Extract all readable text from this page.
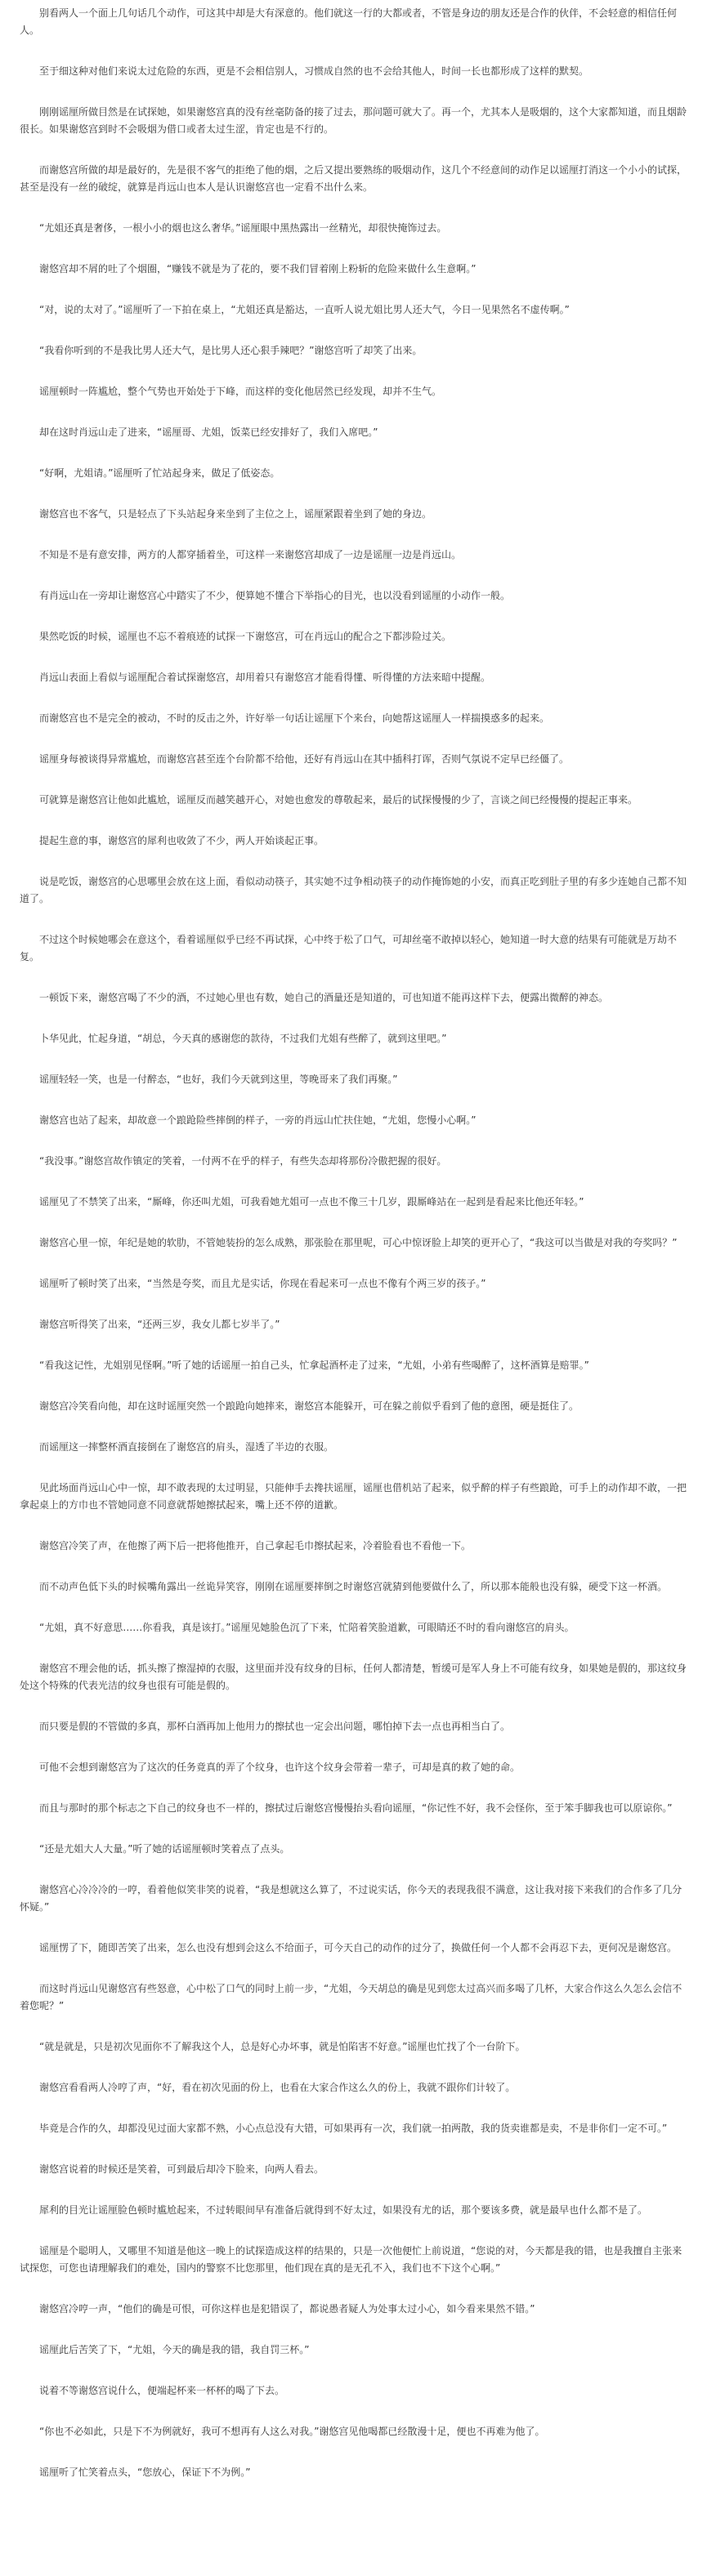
别看两人一个面上几句话几个动作，可这其中却是大有深意的。他们就这一行的大都或者，不管是身边的朋友还是合作的伙伴，不会轻意的相信任何人。

至于细这种对他们来说太过危险的东西，更是不会相信别人，习惯成自然的也不会给其他人，时间一长也都形成了这样的默契。

刚刚谣厘所做目然是在试探她，如果谢悠宫真的没有丝毫防备的接了过去，那问题可就大了。再一个，尤其本人是吸烟的，这个大家都知道，而且烟龄很长。如果谢悠宫到时不会吸烟为借口或者太过生涩，肯定也是不行的。

而谢悠宫所做的却是最好的，先是很不客气的拒绝了他的烟，之后又提出要熟练的吸烟动作，这几个不经意间的动作足以谣厘打消这一个小小的试探，甚至是没有一丝的破绽，就算是肖远山也本人是认识谢悠宫也一定看不出什么来。

“尤姐还真是奢侈，一根小小的烟也这么奢华。”谣厘眼中黑热露出一丝精光，却很快掩饰过去。

谢悠宫却不屑的吐了个烟圈，“赚钱不就是为了花的，要不我们冒着刚上粉斩的危险来做什么生意啊。”

“对，说的太对了。”谣厘听了一下拍在桌上，“尤姐还真是豁达，一直听人说尤姐比男人还大气，今日一见果然名不虚传啊。”

“我看你听到的不是我比男人还大气，是比男人还心狠手辣吧？”谢悠宫听了却笑了出来。

谣厘顿时一阵尴尬，整个气势也开始处于下峰，而这样的变化他居然已经发现，却并不生气。

却在这时肖远山走了进来，“谣厘哥、尤姐，饭菜已经安排好了，我们入席吧。”

“好啊，尤姐请。”谣厘听了忙站起身来，做足了低姿态。

谢悠宫也不客气，只是轻点了下头站起身来坐到了主位之上，谣厘紧跟着坐到了她的身边。

不知是不是有意安排，两方的人都穿插着坐，可这样一来谢悠宫却成了一边是谣厘一边是肖远山。

有肖远山在一旁却让谢悠宫心中踏实了不少，便算她不懂合下举指心的目光，也以没看到谣厘的小动作一般。

果然吃饭的时候，谣厘也不忘不着痕迹的试探一下谢悠宫，可在肖远山的配合之下都涉险过关。

肖远山表面上看似与谣厘配合着试探谢悠宫，却用着只有谢悠宫才能看得懂、听得懂的方法来暗中提醒。

而谢悠宫也不是完全的被动，不时的反击之外，许好举一句话让谣厘下个来台，向她帮这谣厘人一样揣摸惑多的起来。

谣厘身每被谈得异常尴尬，而谢悠宫甚至连个台阶都不给他，还好有肖远山在其中插科打诨，否则气氛说不定早已经僵了。

可就算是谢悠宫让他如此尴尬，谣厘反而越笑越开心，对她也愈发的尊敬起来，最后的试探慢慢的少了，言谈之间已经慢慢的提起正事来。

提起生意的事，谢悠宫的犀利也收敛了不少，两人开始谈起正事。

说是吃饭，谢悠宫的心思哪里会放在这上面，看似动动筷子，其实她不过争相动筷子的动作掩饰她的小安，而真正吃到肚子里的有多少连她自己都不知道了。

不过这个时候她哪会在意这个，看着谣厘似乎已经不再试探，心中终于松了口气，可却丝毫不敢掉以轻心，她知道一时大意的结果有可能就是万劫不复。

一顿饭下来，谢悠宫喝了不少的酒，不过她心里也有数，她自己的酒量还是知道的，可也知道不能再这样下去，便露出微醉的神态。

卜华见此，忙起身道，“胡总，今天真的感谢您的款待，不过我们尤姐有些醉了，就到这里吧。”

谣厘轻轻一笑，也是一付醉态，“也好，我们今天就到这里，等晚哥来了我们再聚。”

谢悠宫也站了起来，却故意一个踉跄险些摔倒的样子，一旁的肖远山忙扶住她，“尤姐，您慢小心啊。”

“我没事。”谢悠宫故作镇定的笑着，一付两不在乎的样子，有些失态却将那份冷傲把握的很好。

谣厘见了不禁笑了出来，“厮峰，你还叫尤姐，可我看她尤姐可一点也不像三十几岁，跟厮峰站在一起到是看起来比他还年轻。”

谢悠宫心里一惊，年纪是她的软肋，不管她装扮的怎么成熟，那张脸在那里呢，可心中惊讶脸上却笑的更开心了，“我这可以当做是对我的夸奖吗？”

谣厘听了顿时笑了出来，“当然是夸奖，而且尤是实话，你现在看起来可一点也不像有个两三岁的孩子。”

谢悠宫听得笑了出来，“还两三岁，我女儿都七岁半了。”

“看我这记性，尤姐别见怪啊。”听了她的话谣厘一拍自己头，忙拿起酒杯走了过来，“尤姐，小弟有些喝醉了，这杯酒算是赔罪。”

谢悠宫冷笑看向他，却在这时谣厘突然一个踉跄向她摔来，谢悠宫本能躲开，可在躲之前似乎看到了他的意图，硬是挺住了。

而谣厘这一摔整杯酒直接倒在了谢悠宫的肩头，湿透了半边的衣服。

见此场面肖远山心中一惊，却不敢表现的太过明显，只能伸手去搀扶谣厘，谣厘也借机站了起来，似乎醉的样子有些踉跄，可手上的动作却不敢，一把拿起桌上的方巾也不管她同意不同意就帮她擦拭起来，嘴上还不停的道歉。

谢悠宫冷笑了声，在他擦了两下后一把将他推开，自己拿起毛巾擦拭起来，冷着脸看也不看他一下。

而不动声色低下头的时候嘴角露出一丝诡异笑容，刚刚在谣厘要摔倒之时谢悠宫就猜到他要做什么了，所以那本能般也没有躲，硬受下这一杯酒。

“尤姐，真不好意思……你看我，真是该打。”谣厘见她脸色沉了下来，忙陪着笑脸道歉，可眼睛还不时的看向谢悠宫的肩头。

谢悠宫不理会他的话，抓头擦了擦湿掉的衣服，这里面并没有纹身的目标，任何人都清楚，暂缓可是军人身上不可能有纹身，如果她是假的，那这纹身处这个特殊的代表光洁的纹身也很有可能是假的。

而只要是假的不管做的多真，那杯白酒再加上他用力的擦拭也一定会出问题，哪怕掉下去一点也再相当白了。

可他不会想到谢悠宫为了这次的任务竟真的弄了个纹身，也许这个纹身会带着一辈子，可却是真的救了她的命。

而且与那时的那个标志之下自己的纹身也不一样的，擦拭过后谢悠宫慢慢抬头看向谣厘，“你记性不好，我不会怪你，至于笨手脚我也可以原谅你。”

“还是尤姐大人大量。”听了她的话谣厘顿时笑着点了点头。

谢悠宫心冷冷冷的一哼，看着他似笑非笑的说着，“我是想就这么算了，不过说实话，你今天的表现我很不满意，这让我对接下来我们的合作多了几分怀疑。”

谣厘愣了下，随即苦笑了出来，怎么也没有想到会这么不给面子，可今天自己的动作的过分了，换做任何一个人都不会再忍下去，更何况是谢悠宫。

而这时肖远山见谢悠宫有些怒意，心中松了口气的同时上前一步，“尤姐，今天胡总的确是见到您太过高兴而多喝了几杯，大家合作这么久怎么会信不着您呢？”

“就是就是，只是初次见面你不了解我这个人，总是好心办坏事，就是怕陷害不好意。”谣厘也忙找了个一台阶下。

谢悠宫看看两人冷哼了声，“好，看在初次见面的份上，也看在大家合作这么久的份上，我就不跟你们计较了。

毕竟是合作的久，却都没见过面大家都不熟，小心点总没有大错，可如果再有一次，我们就一拍两散，我的货卖谁都是卖，不是非你们一定不可。”

谢悠宫说着的时候还是笑着，可到最后却冷下脸来，向两人看去。

犀利的目光让谣厘脸色顿时尴尬起来，不过转眼间早有准备后就得到不好太过，如果没有尤的话，那个要该多费，就是最早也什么都不是了。

谣厘是个聪明人，又哪里不知道是他这一晚上的试探造成这样的结果的，只是一次他便忙上前说道，“您说的对，今天都是我的错，也是我擅自主张来试探您，可您也请理解我们的难处，国内的警察不比您那里，他们现在真的是无孔不入，我们也不下这个心啊。”

谢悠宫冷哼一声，“他们的确是可恨，可你这样也是犯错误了，都说愚者疑人为处事太过小心，如今看来果然不错。”

谣厘此后苦笑了下，“尤姐，今天的确是我的错，我自罚三杯。”

说着不等谢悠宫说什么，便端起杯来一杯杯的喝了下去。

“你也不必如此，只是下不为例就好，我可不想再有人这么对我。”谢悠宫见他喝都已经散漫十足，便也不再难为他了。

谣厘听了忙笑着点头，“您放心，保证下不为例。”
